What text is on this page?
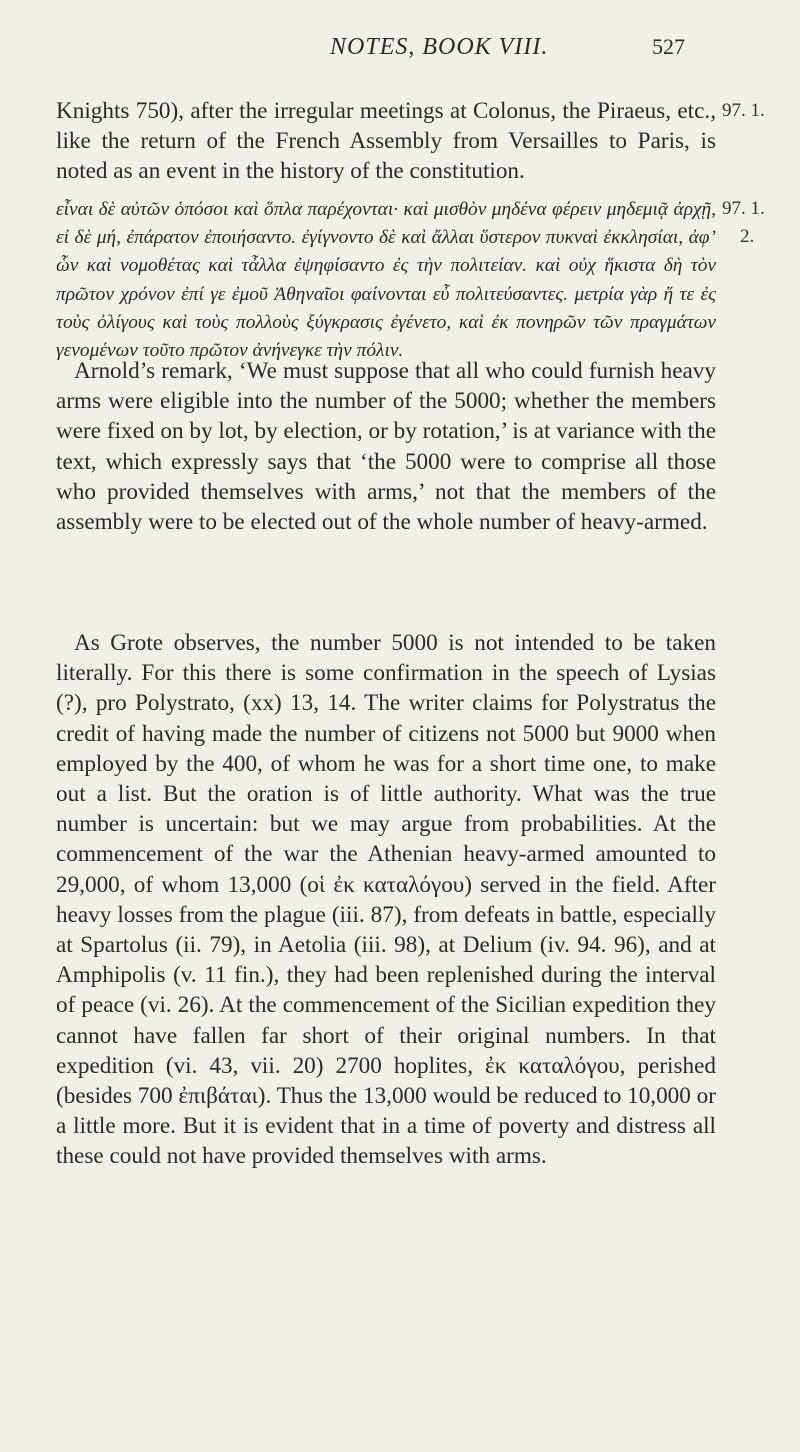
NOTES, BOOK VIII.	527
97. 1.

Knights 750), after the irregular meetings at Colonus, the Piraeus, etc., like the return of the French Assembly from Versailles to Paris, is noted as an event in the history of the constitution.

97. 1.
2.

εἶναι δὲ αὐτῶν ὁπόσοι καὶ ὅπλα παρέχονται· καὶ μισθὸν μηδένα φέρειν μηδεμιᾷ ἀρχῇ, εἰ δὲ μή, ἐπάρατον ἐποιήσαντο. ἐγίγνοντο δὲ καὶ ἄλλαι ὕστερον πυκναὶ ἐκκλησίαι, ἀφ’ ὧν καὶ νομοθέτας καὶ τἆλλα ἐψηφίσαντο ἐς τὴν πολιτείαν. καὶ οὐχ ἥκιστα δὴ τὸν πρῶτον χρόνον ἐπί γε ἐμοῦ Ἀθηναῖοι φαίνονται εὖ πολιτεύσαντες. μετρία γὰρ ἥ τε ἐς τοὺς ὀλίγους καὶ τοὺς πολλοὺς ξύγκρασις ἐγένετο, καὶ ἐκ πονηρῶν τῶν πραγμάτων γενομένων τοῦτο πρῶτον ἀνήνεγκε τὴν πόλιν.

Arnold’s remark, ‘We must suppose that all who could furnish heavy arms were eligible into the number of the 5000; whether the members were fixed on by lot, by election, or by rotation,’ is at variance with the text, which expressly says that ‘the 5000 were to comprise all those who provided themselves with arms,’ not that the members of the assembly were to be elected out of the whole number of heavy-armed.

As Grote observes, the number 5000 is not intended to be taken literally. For this there is some confirmation in the speech of Lysias (?), pro Polystrato, (xx) 13, 14. The writer claims for Polystratus the credit of having made the number of citizens not 5000 but 9000 when employed by the 400, of whom he was for a short time one, to make out a list. But the oration is of little authority. What was the true number is uncertain: but we may argue from probabilities. At the commencement of the war the Athenian heavy-armed amounted to 29,000, of whom 13,000 (οἱ ἐκ καταλόγου) served in the field. After heavy losses from the plague (iii. 87), from defeats in battle, especially at Spartolus (ii. 79), in Aetolia (iii. 98), at Delium (iv. 94. 96), and at Amphipolis (v. 11 fin.), they had been replenished during the interval of peace (vi. 26). At the commencement of the Sicilian expedition they cannot have fallen far short of their original numbers. In that expedition (vi. 43, vii. 20) 2700 hoplites, ἐκ καταλόγου, perished (besides 700 ἐπιβάται). Thus the 13,000 would be reduced to 10,000 or a little more. But it is evident that in a time of poverty and distress all these could not have provided themselves with arms.
